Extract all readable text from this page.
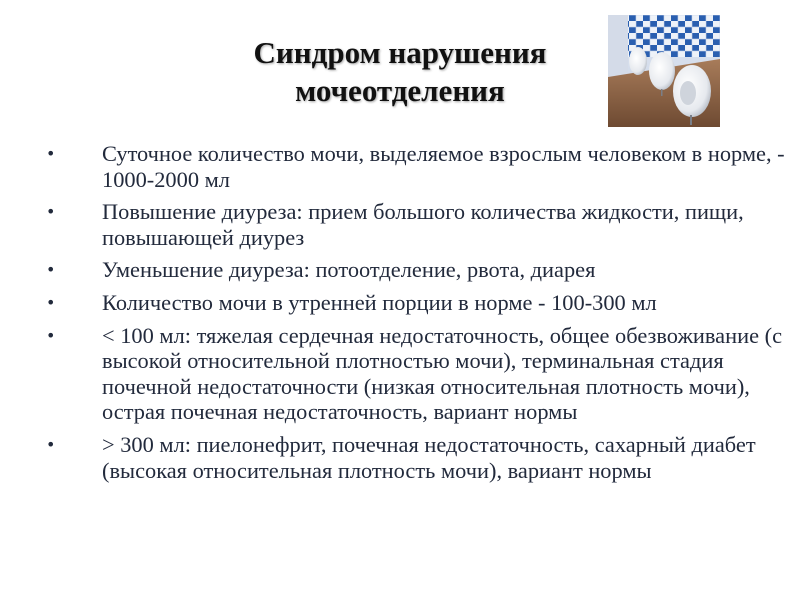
Синдром нарушения
мочеотделения
• Суточное количество мочи, выделяемое взрослым человеком в норме, - 1000-2000 мл
• Повышение диуреза: прием большого количества жидкости, пищи, повышающей диурез
• Уменьшение диуреза: потоотделение, рвота, диарея
• Количество мочи в утренней порции в норме - 100-300 мл
• < 100 мл: тяжелая сердечная недостаточность, общее обезвоживание (с высокой относительной плотностью мочи), терминальная стадия почечной недостаточности (низкая относительная плотность мочи), острая почечная недостаточность, вариант нормы
• > 300 мл: пиелонефрит, почечная недостаточность, сахарный диабет (высокая относительная плотность мочи), вариант нормы
